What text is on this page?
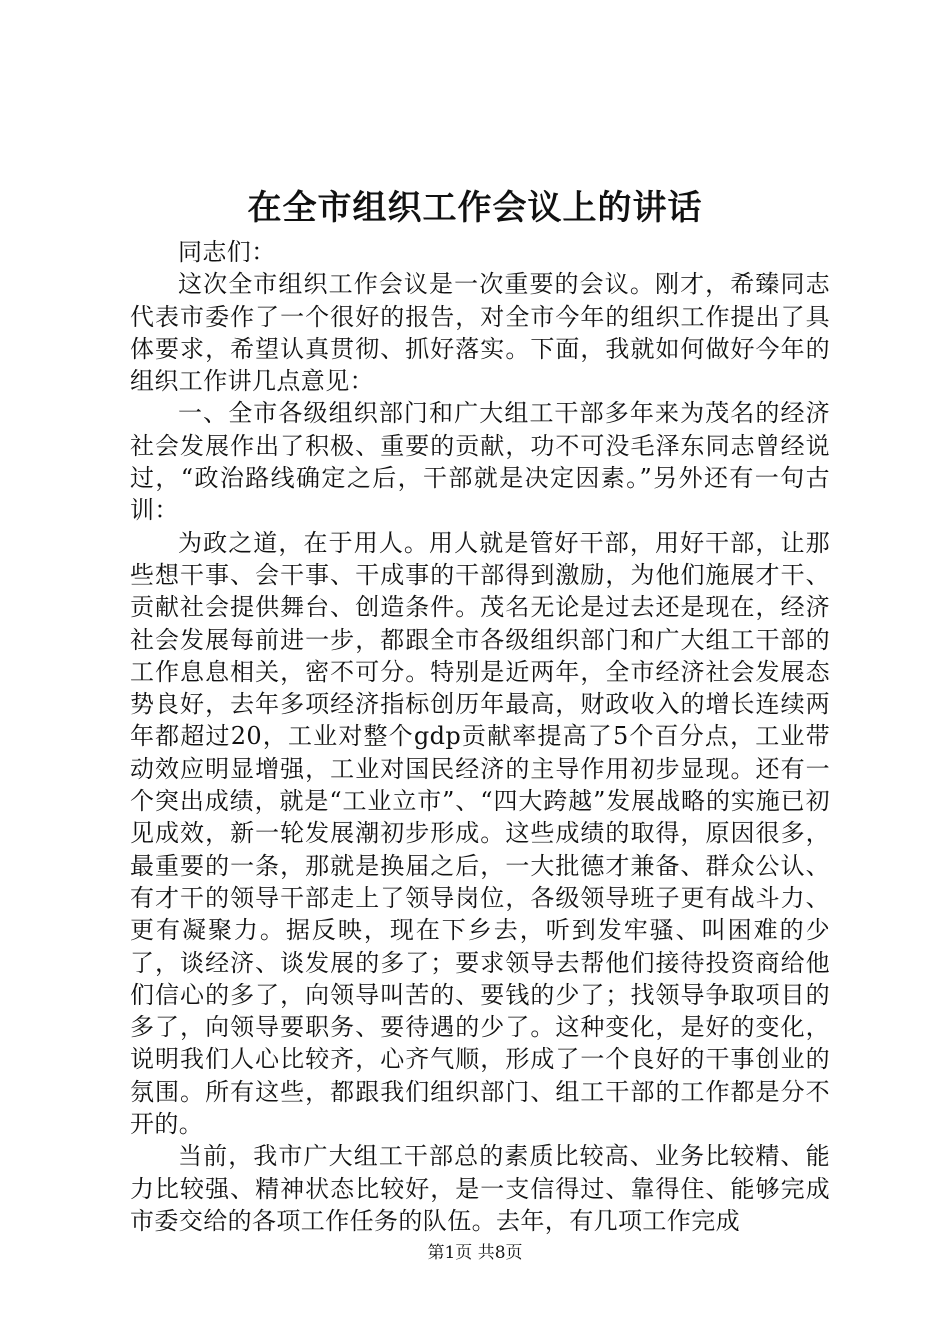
在全市组织工作会议上的讲话

同志们：

这次全市组织工作会议是一次重要的会议。刚才，希臻同志代表市委作了一个很好的报告，对全市今年的组织工作提出了具体要求，希望认真贯彻、抓好落实。下面，我就如何做好今年的组织工作讲几点意见：

一、全市各级组织部门和广大组工干部多年来为茂名的经济社会发展作出了积极、重要的贡献，功不可没毛泽东同志曾经说过，“政治路线确定之后，干部就是决定因素。”另外还有一句古训：

为政之道，在于用人。用人就是管好干部，用好干部，让那些想干事、会干事、干成事的干部得到激励，为他们施展才干、贡献社会提供舞台、创造条件。茂名无论是过去还是现在，经济社会发展每前进一步，都跟全市各级组织部门和广大组工干部的工作息息相关，密不可分。特别是近两年，全市经济社会发展态势良好，去年多项经济指标创历年最高，财政收入的增长连续两年都超过20，工业对整个gdp贡献率提高了5个百分点，工业带动效应明显增强，工业对国民经济的主导作用初步显现。还有一个突出成绩，就是“工业立市”、“四大跨越”发展战略的实施已初见成效，新一轮发展潮初步形成。这些成绩的取得，原因很多，最重要的一条，那就是换届之后，一大批德才兼备、群众公认、有才干的领导干部走上了领导岗位，各级领导班子更有战斗力、更有凝聚力。据反映，现在下乡去，听到发牢骚、叫困难的少了，谈经济、谈发展的多了；要求领导去帮他们接待投资商给他们信心的多了，向领导叫苦的、要钱的少了；找领导争取项目的多了，向领导要职务、要待遇的少了。这种变化，是好的变化，说明我们人心比较齐，心齐气顺，形成了一个良好的干事创业的氛围。所有这些，都跟我们组织部门、组工干部的工作都是分不开的。

当前，我市广大组工干部总的素质比较高、业务比较精、能力比较强、精神状态比较好，是一支信得过、靠得住、能够完成市委交给的各项工作任务的队伍。去年，有几项工作完成

第1页 共8页
